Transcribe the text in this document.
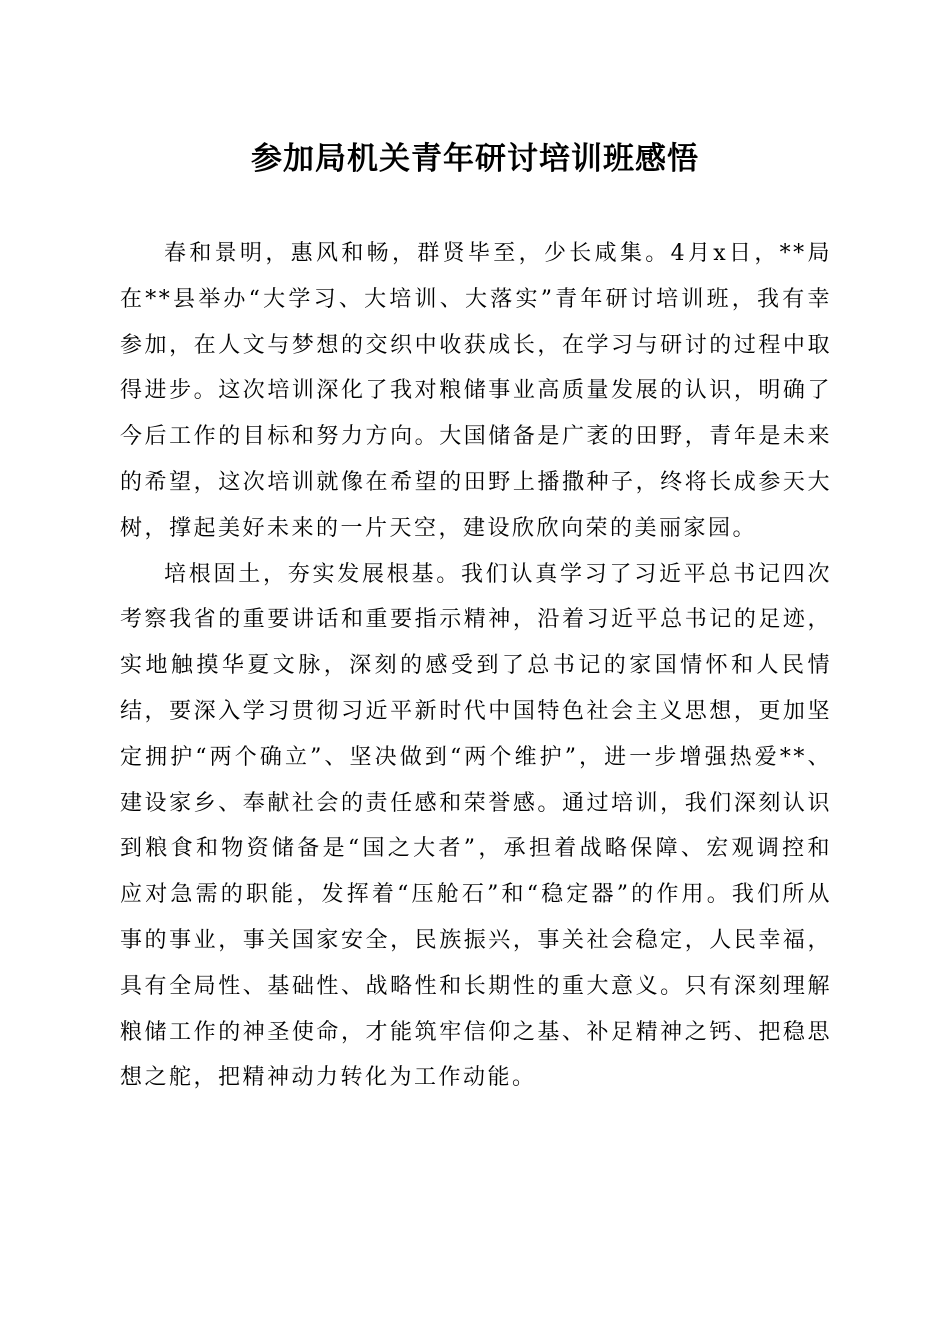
参加局机关青年研讨培训班感悟

春和景明，惠风和畅，群贤毕至，少长咸集。4月x日，**局在**县举办“大学习、大培训、大落实”青年研讨培训班，我有幸参加，在人文与梦想的交织中收获成长，在学习与研讨的过程中取得进步。这次培训深化了我对粮储事业高质量发展的认识，明确了今后工作的目标和努力方向。大国储备是广袤的田野，青年是未来的希望，这次培训就像在希望的田野上播撒种子，终将长成参天大树，撑起美好未来的一片天空，建设欣欣向荣的美丽家园。

培根固土，夯实发展根基。我们认真学习了习近平总书记四次考察我省的重要讲话和重要指示精神，沿着习近平总书记的足迹，实地触摸华夏文脉，深刻的感受到了总书记的家国情怀和人民情结，要深入学习贯彻习近平新时代中国特色社会主义思想，更加坚定拥护“两个确立”、坚决做到“两个维护”，进一步增强热爱**、建设家乡、奉献社会的责任感和荣誉感。通过培训，我们深刻认识到粮食和物资储备是“国之大者”，承担着战略保障、宏观调控和应对急需的职能，发挥着“压舱石”和“稳定器”的作用。我们所从事的事业，事关国家安全，民族振兴，事关社会稳定，人民幸福，具有全局性、基础性、战略性和长期性的重大意义。只有深刻理解粮储工作的神圣使命，才能筑牢信仰之基、补足精神之钙、把稳思想之舵，把精神动力转化为工作动能。
